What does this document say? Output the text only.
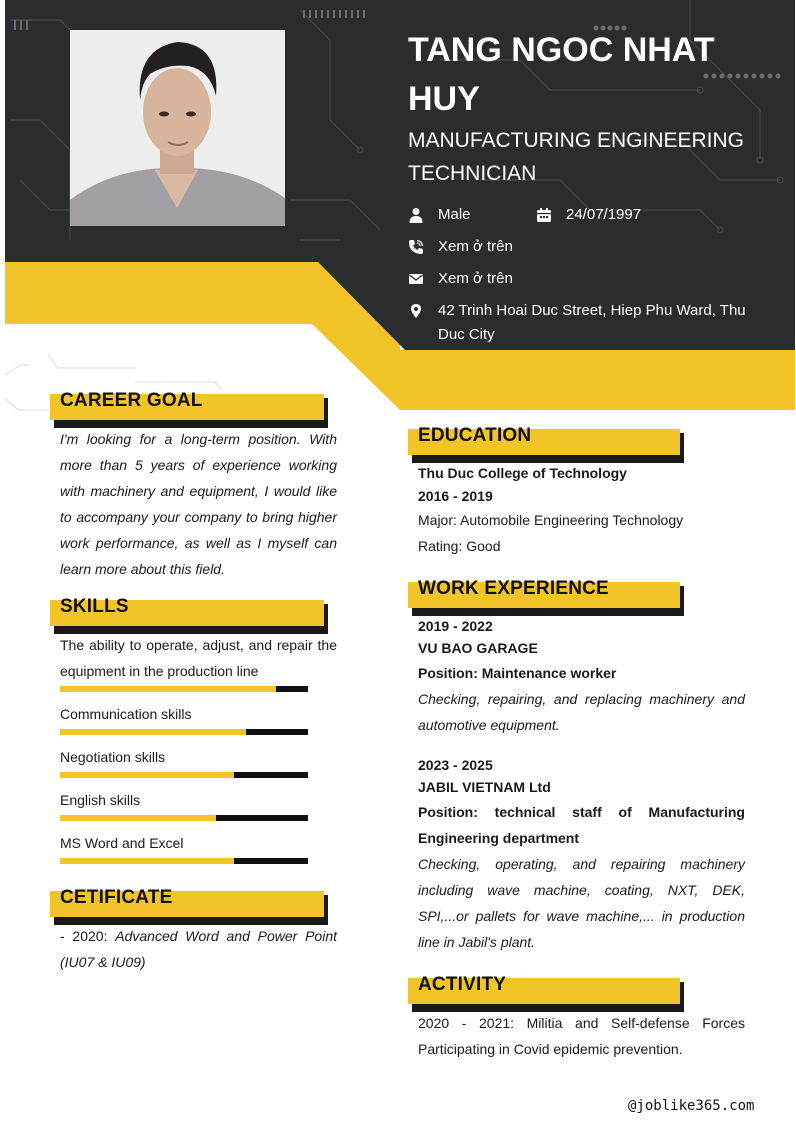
TANG NGOC NHAT HUY
MANUFACTURING ENGINEERING TECHNICIAN
Male	24/07/1997
Xem ở trên
Xem ở trên
42 Trinh Hoai Duc Street, Hiep Phu Ward, Thu Duc City
CAREER GOAL
I'm looking for a long-term position. With more than 5 years of experience working with machinery and equipment, I would like to accompany your company to bring higher work performance, as well as I myself can learn more about this field.
SKILLS
The ability to operate, adjust, and repair the equipment in the production line
Communication skills
Negotiation skills
English skills
MS Word and Excel
CETIFICATE
- 2020: Advanced Word and Power Point (IU07 & IU09)
EDUCATION
Thu Duc College of Technology
2016 - 2019
Major: Automobile Engineering Technology
Rating: Good
WORK EXPERIENCE
2019 - 2022
VU BAO GARAGE
Position: Maintenance worker
Checking, repairing, and replacing machinery and automotive equipment.
2023 - 2025
JABIL VIETNAM Ltd
Position: technical staff of Manufacturing Engineering department
Checking, operating, and repairing machinery  including wave machine, coating, NXT, DEK, SPI,...or pallets for wave machine,... in production line in Jabil's plant.
ACTIVITY
2020 - 2021: Militia and Self-defense Forces Participating in Covid epidemic prevention.
@joblike365.com
